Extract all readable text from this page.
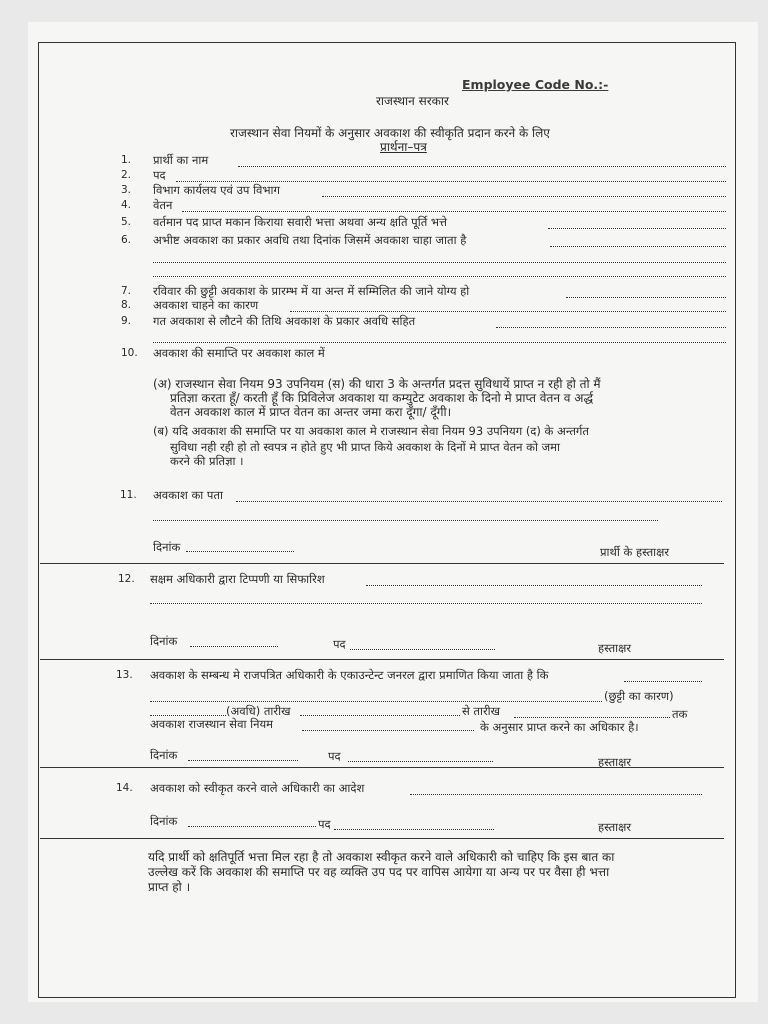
Employee Code No.:-
राजस्थान सरकार
राजस्थान सेवा नियमों के अनुसार अवकाश की स्वीकृति प्रदान करने के लिए
प्रार्थना–पत्र
1. प्रार्थी का नाम
2. पद
3. विभाग कार्यलय एवं उप विभाग
4. वेतन
5. वर्तमान पद प्राप्त मकान किराया सवारी भत्ता अथवा अन्य क्षति पूर्ति भत्ते
6. अभीष्ट अवकाश का प्रकार अवधि तथा दिनांक जिसमें अवकाश चाहा जाता है
7. रविवार की छुट्टी अवकाश के प्रारम्भ में या अन्त में सम्मिलित की जाने योग्य हो
8. अवकाश चाहने का कारण
9. गत अवकाश से लौटने की तिथि अवकाश के प्रकार अवधि सहित
10. अवकाश की समाप्ति पर अवकाश काल में
(अ) राजस्थान सेवा नियम 93 उपनियम (स) की धारा 3 के अन्तर्गत प्रदत्त सुविधायें प्राप्त न रही हो तो मैं
प्रतिज्ञा करता हूँ/ करती हूँ कि प्रिविलेज अवकाश या कम्युटेट अवकाश के दिनो मे प्राप्त वेतन व अर्द्ध
वेतन अवकाश काल में प्राप्त वेतन का अन्तर जमा करा दूँगा/ दूँगी।
(ब) यदि अवकाश की समाप्ति पर या अवकाश काल मे राजस्थान सेवा नियम 93 उपनियग (द) के अन्तर्गत
सुविधा नही रही हो तो स्वपत्र न होते हुए भी प्राप्त किये अवकाश के दिनों मे प्राप्त वेतन को जमा
करने की प्रतिज्ञा ।
11. अवकाश का पता
दिनांक	प्रार्थी के हस्ताक्षर
12. सक्षम अधिकारी द्वारा टिप्पणी या सिफारिश
दिनांक	पद	हस्ताक्षर
13. अवकाश के सम्बन्ध मे राजपत्रित अधिकारी के एकाउन्टेन्ट जनरल द्वारा प्रमाणित किया जाता है कि
(छुट्टी का कारण)
(अवधि) तारीख	से तारीख	तक
अवकाश राजस्थान सेवा नियम	के अनुसार प्राप्त करने का अधिकार है।
दिनांक	पद	हस्ताक्षर
14. अवकाश को स्वीकृत करने वाले अधिकारी का आदेश
दिनांक	पद	हस्ताक्षर
यदि प्रार्थी को क्षतिपूर्ति भत्ता मिल रहा है तो अवकाश स्वीकृत करने वाले अधिकारी को चाहिए कि इस बात का
उल्लेख करें कि अवकाश की समाप्ति पर वह व्यक्ति उप पद पर वापिस आयेगा या अन्य पर पर वैसा ही भत्ता
प्राप्त हो ।
